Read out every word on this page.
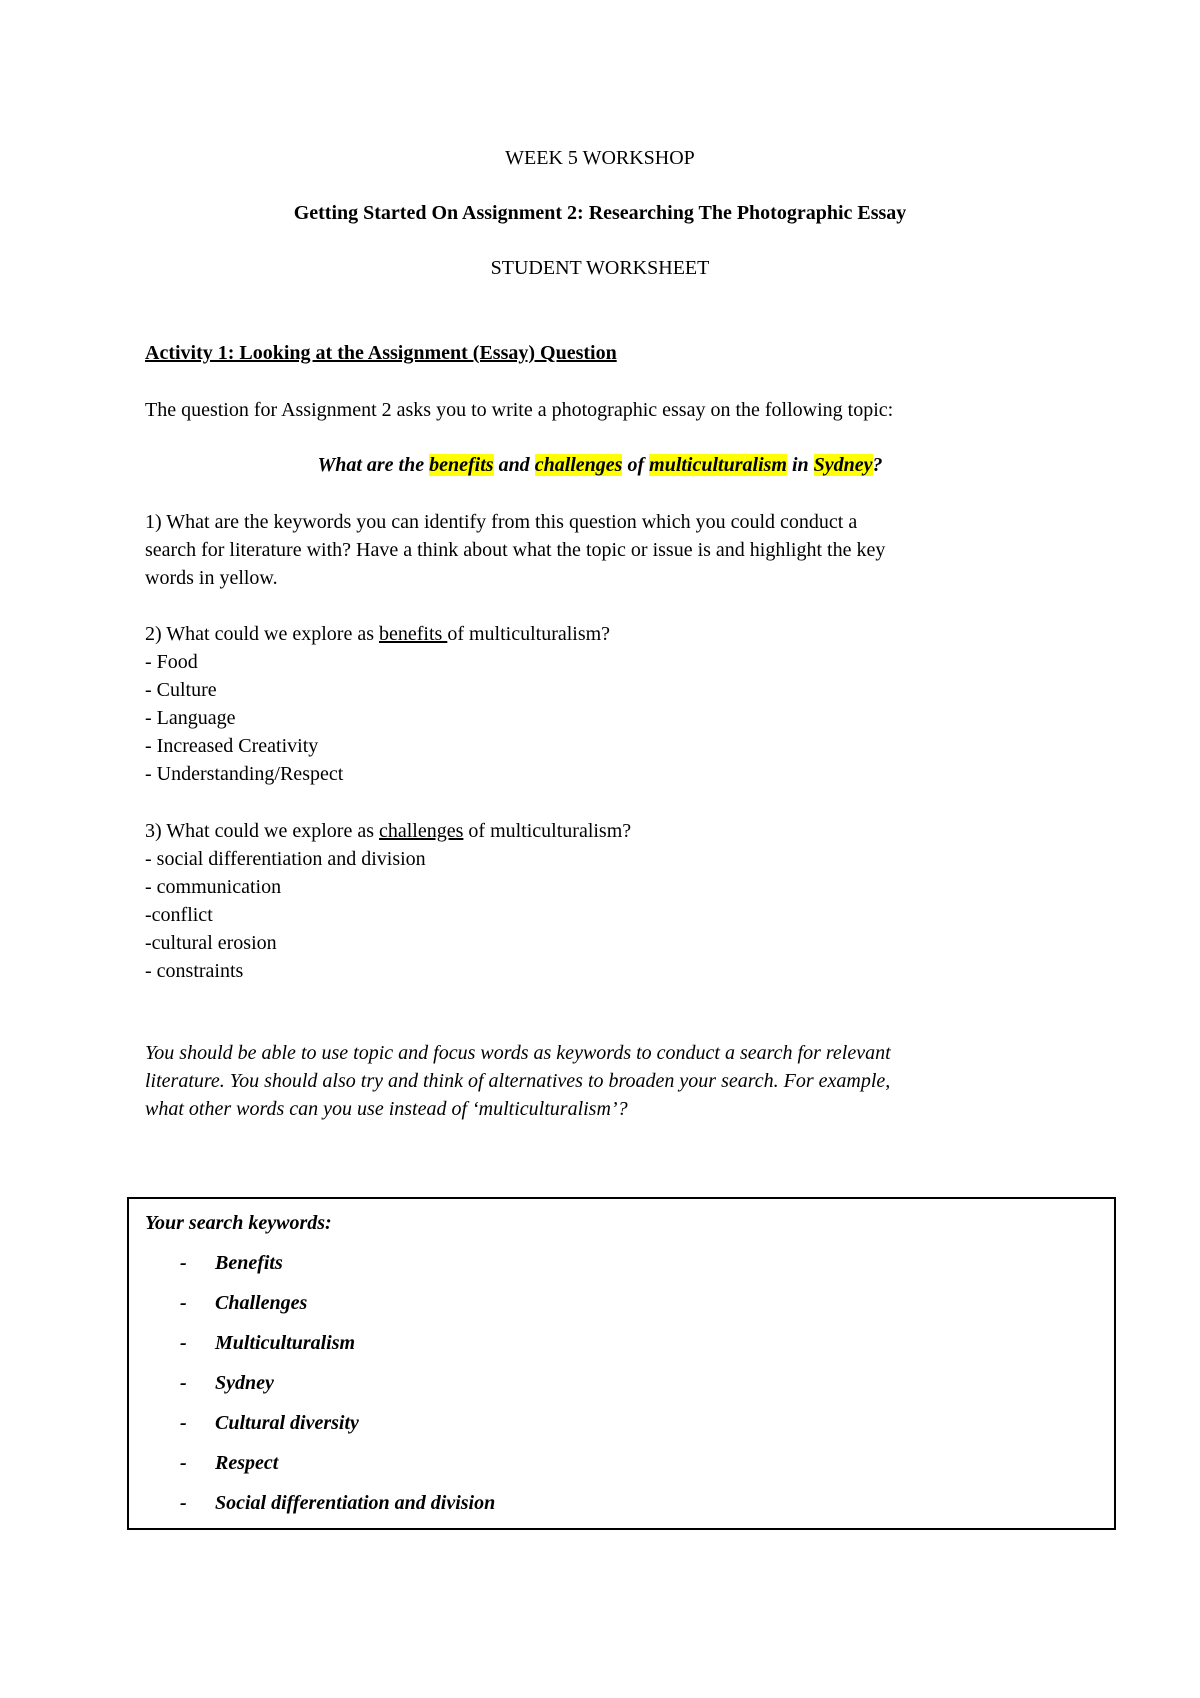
WEEK 5 WORKSHOP
Getting Started On Assignment 2: Researching The Photographic Essay
STUDENT WORKSHEET
Activity 1: Looking at the Assignment (Essay) Question
The question for Assignment 2 asks you to write a photographic essay on the following topic:
What are the benefits and challenges of multiculturalism in Sydney?
1) What are the keywords you can identify from this question which you could conduct a
search for literature with? Have a think about what the topic or issue is and highlight the key
words in yellow.
2) What could we explore as benefits of multiculturalism?
- Food
- Culture
- Language
- Increased Creativity
- Understanding/Respect
3) What could we explore as challenges of multiculturalism?
- social differentiation and division
- communication
-conflict
-cultural erosion
- constraints
You should be able to use topic and focus words as keywords to conduct a search for relevant
literature. You should also try and think of alternatives to broaden your search. For example,
what other words can you use instead of ‘multiculturalism’?
Your search keywords:
- Benefits
- Challenges
- Multiculturalism
- Sydney
- Cultural diversity
- Respect
- Social differentiation and division
